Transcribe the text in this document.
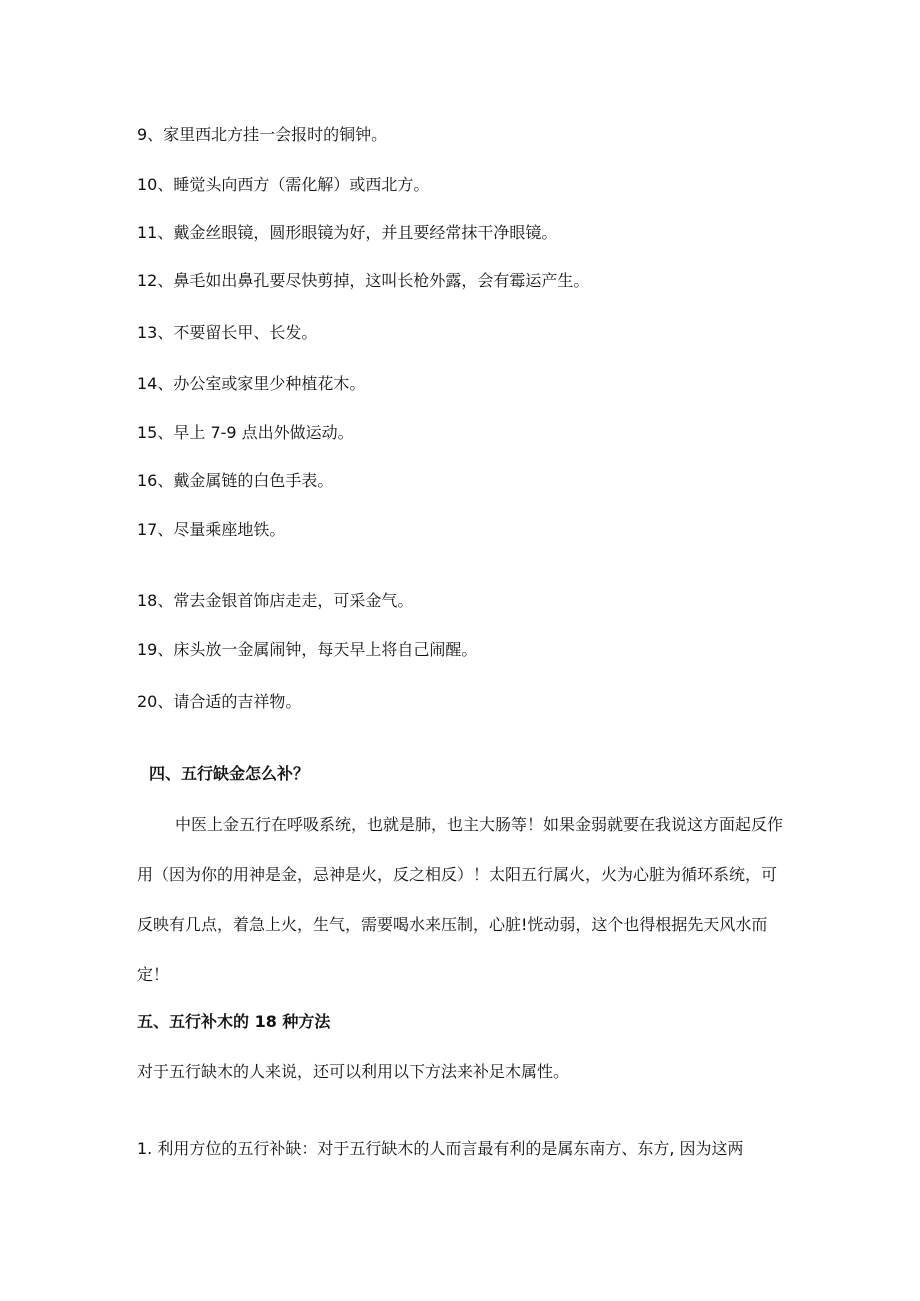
9、家里西北方挂一会报时的铜钟。

10、睡觉头向西方（需化解）或西北方。

11、戴金丝眼镜，圆形眼镜为好，并且要经常抹干净眼镜。

12、鼻毛如出鼻孔要尽快剪掉，这叫长枪外露，会有霉运产生。

13、不要留长甲、长发。

14、办公室或家里少种植花木。

15、早上 7-9 点出外做运动。

16、戴金属链的白色手表。

17、尽量乘座地铁。

18、常去金银首饰店走走，可采金气。

19、床头放一金属闹钟，每天早上将自己闹醒。

20、请合适的吉祥物。

四、五行缺金怎么补？

中医上金五行在呼吸系统，也就是肺，也主大肠等！如果金弱就要在我说这方面起反作用（因为你的用神是金，忌神是火，反之相反）！太阳五行属火，火为心脏为循环系统，可反映有几点，着急上火，生气，需要喝水来压制，心脏!恍动弱，这个也得根据先天风水而定！

五、五行补木的 18 种方法

对于五行缺木的人来说，还可以利用以下方法来补足木属性。

1. 利用方位的五行补缺：对于五行缺木的人而言最有利的是属东南方、东方, 因为这两
